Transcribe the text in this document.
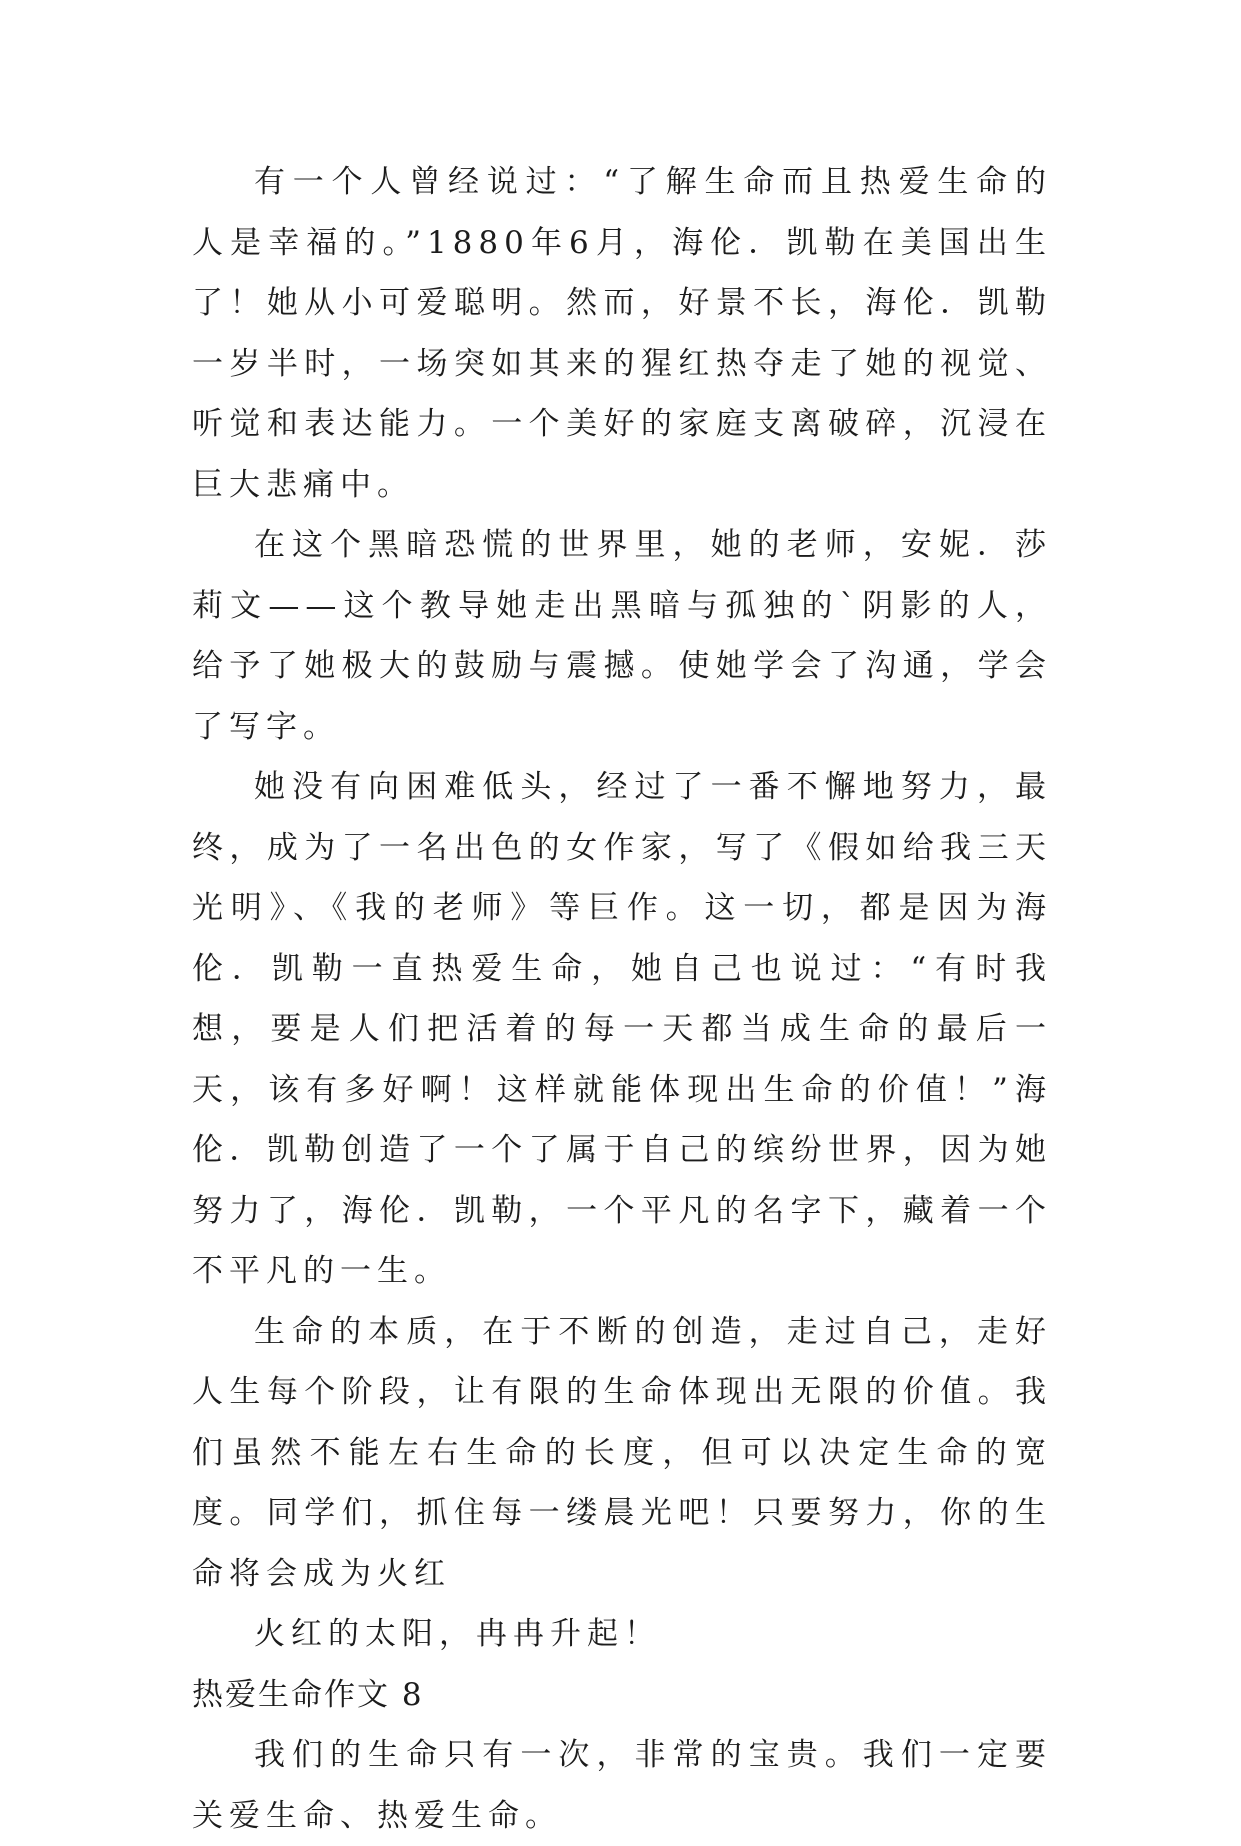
有一个人曾经说过：“了解生命而且热爱生命的人是幸福的。”1880年6月，海伦．凯勒在美国出生了！她从小可爱聪明。然而，好景不长，海伦．凯勒一岁半时，一场突如其来的猩红热夺走了她的视觉、听觉和表达能力。一个美好的家庭支离破碎，沉浸在巨大悲痛中。

在这个黑暗恐慌的世界里，她的老师，安妮．莎莉文——这个教导她走出黑暗与孤独的`阴影的人，给予了她极大的鼓励与震撼。使她学会了沟通，学会了写字。

她没有向困难低头，经过了一番不懈地努力，最终，成为了一名出色的女作家，写了《假如给我三天光明》、《我的老师》等巨作。这一切，都是因为海伦．凯勒一直热爱生命，她自己也说过：“有时我想，要是人们把活着的每一天都当成生命的最后一天，该有多好啊！这样就能体现出生命的价值！”海伦．凯勒创造了一个了属于自己的缤纷世界，因为她努力了，海伦．凯勒，一个平凡的名字下，藏着一个不平凡的一生。

生命的本质，在于不断的创造，走过自己，走好人生每个阶段，让有限的生命体现出无限的价值。我们虽然不能左右生命的长度，但可以决定生命的宽度。同学们，抓住每一缕晨光吧！只要努力，你的生命将会成为火红

火红的太阳，冉冉升起！

热爱生命作文 8

我们的生命只有一次，非常的宝贵。我们一定要关爱生命、热爱生命。
